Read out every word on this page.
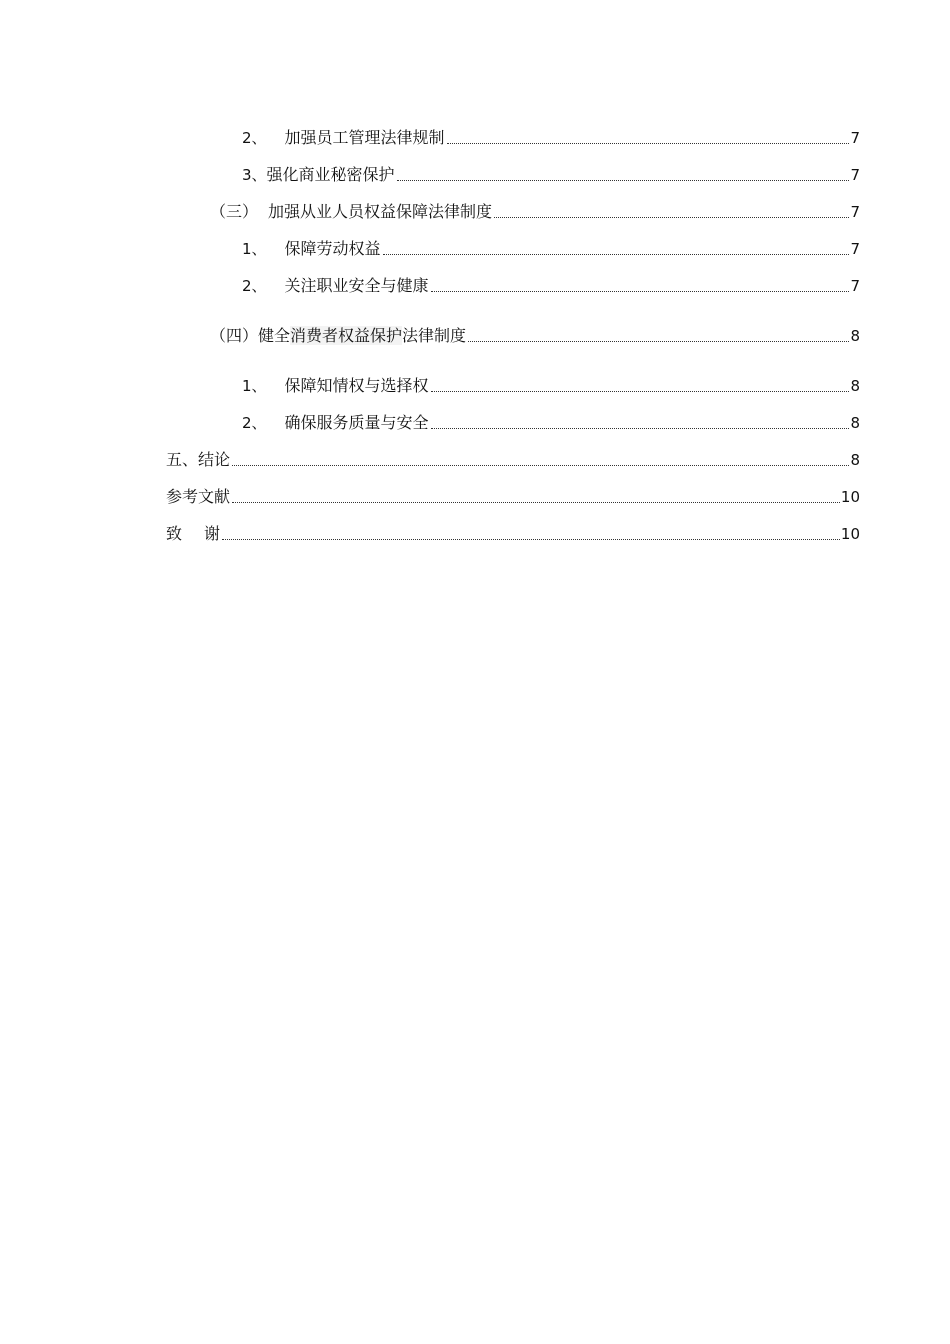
2、 加强员工管理法律规制	7
3、强化商业秘密保护	7
（三） 加强从业人员权益保障法律制度	7
1、 保障劳动权益	7
2、 关注职业安全与健康	7
（四）健全消费者权益保护法律制度	8
1、 保障知情权与选择权	8
2、 确保服务质量与安全	8
五、结论	8
参考文献	10
致 谢	10
